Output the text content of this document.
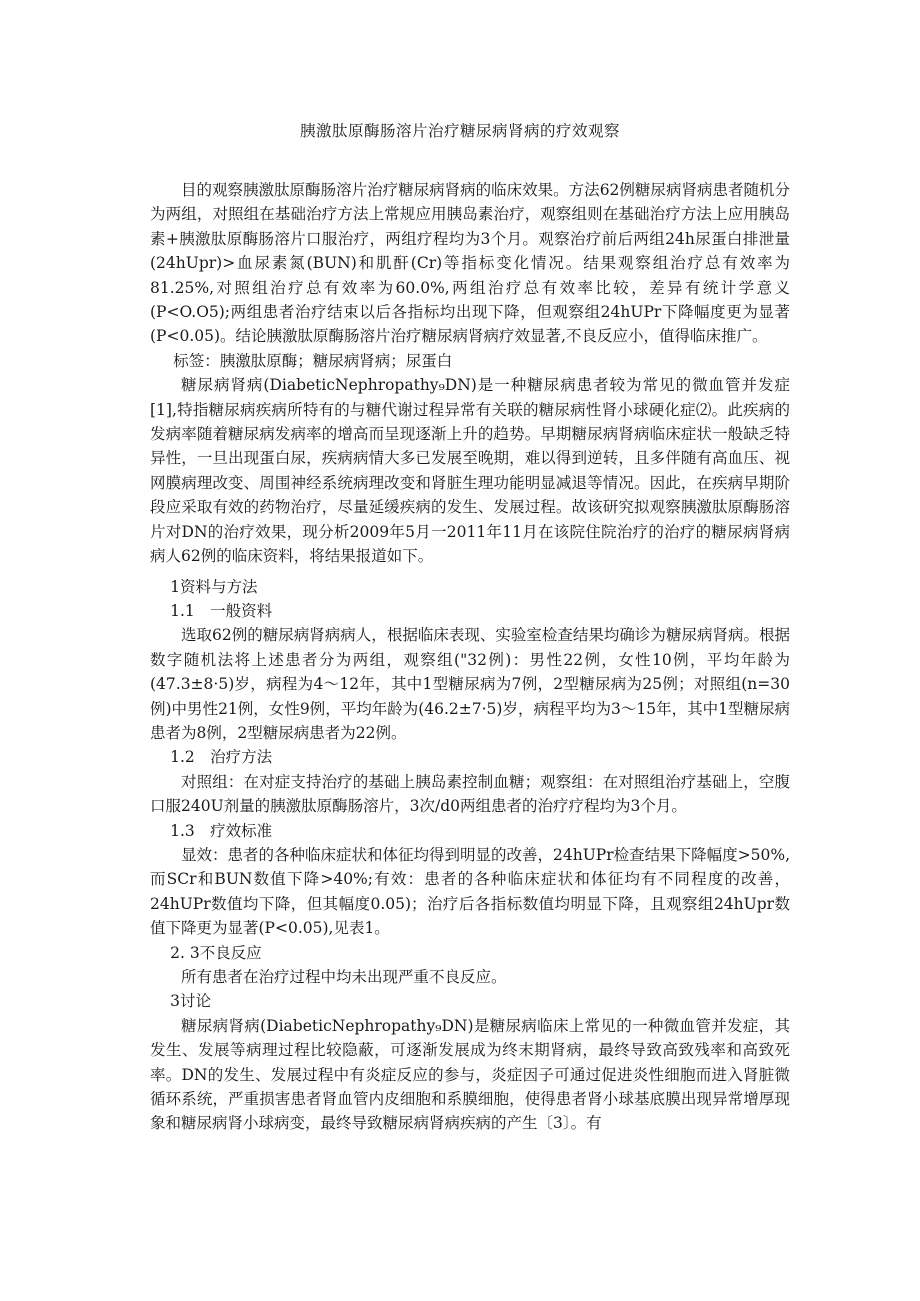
胰激肽原酶肠溶片治疗糖尿病肾病的疗效观察

目的观察胰激肽原酶肠溶片治疗糖尿病肾病的临床效果。方法62例糖尿病肾病患者随机分为两组，对照组在基础治疗方法上常规应用胰岛素治疗，观察组则在基础治疗方法上应用胰岛素+胰激肽原酶肠溶片口服治疗，两组疗程均为3个月。观察治疗前后两组24h尿蛋白排泄量(24hUpr)>血尿素氮(BUN)和肌酐(Cr)等指标变化情况。结果观察组治疗总有效率为81.25%,对照组治疗总有效率为60.0%,两组治疗总有效率比较，差异有统计学意义(P<O.O5);两组患者治疗结束以后各指标均出现下降，但观察组24hUPr下降幅度更为显著(P<0.05)。结论胰激肽原酶肠溶片治疗糖尿病肾病疗效显著,不良反应小，值得临床推广。

标签：胰激肽原酶；糖尿病肾病；尿蛋白

糖尿病肾病(DiabeticNephropathy₉DN)是一种糖尿病患者较为常见的微血管并发症[1],特指糖尿病疾病所特有的与糖代谢过程异常有关联的糖尿病性肾小球硬化症⑵。此疾病的发病率随着糖尿病发病率的增高而呈现逐渐上升的趋势。早期糖尿病肾病临床症状一般缺乏特异性，一旦出现蛋白尿，疾病病情大多已发展至晚期，难以得到逆转，且多伴随有高血压、视网膜病理改变、周围神经系统病理改变和肾脏生理功能明显减退等情况。因此，在疾病早期阶段应采取有效的药物治疗，尽量延缓疾病的发生、发展过程。故该研究拟观察胰激肽原酶肠溶片对DN的治疗效果，现分析2009年5月一2011年11月在该院住院治疗的治疗的糖尿病肾病病人62例的临床资料，将结果报道如下。

1资料与方法

1.1 一般资料

选取62例的糖尿病肾病病人，根据临床表现、实验室检查结果均确诊为糖尿病肾病。根据数字随机法将上述患者分为两组，观察组("32例)：男性22例，女性10例，平均年龄为(47.3±8·5)岁，病程为4～12年，其中1型糖尿病为7例，2型糖尿病为25例；对照组(n=30例)中男性21例，女性9例，平均年龄为(46.2±7·5)岁，病程平均为3～15年，其中1型糖尿病患者为8例，2型糖尿病患者为22例。

1.2 治疗方法

对照组：在对症支持治疗的基础上胰岛素控制血糖；观察组：在对照组治疗基础上，空腹口服240U剂量的胰激肽原酶肠溶片，3次/d0两组患者的治疗疗程均为3个月。

1.3 疗效标准

显效：患者的各种临床症状和体征均得到明显的改善，24hUPr检查结果下降幅度>50%,而SCr和BUN数值下降>40%;有效：患者的各种临床症状和体征均有不同程度的改善，24hUPr数值均下降，但其幅度0.05)；治疗后各指标数值均明显下降，且观察组24hUpr数值下降更为显著(P<0.05),见表1。

2. 3不良反应

所有患者在治疗过程中均未出现严重不良反应。

3讨论

糖尿病肾病(DiabeticNephropathy₉DN)是糖尿病临床上常见的一种微血管并发症，其发生、发展等病理过程比较隐蔽，可逐渐发展成为终末期肾病，最终导致高致残率和高致死率。DN的发生、发展过程中有炎症反应的参与，炎症因子可通过促进炎性细胞而进入肾脏微循环系统，严重损害患者肾血管内皮细胞和系膜细胞，使得患者肾小球基底膜出现异常增厚现象和糖尿病肾小球病变，最终导致糖尿病肾病疾病的产生〔3〕。有
